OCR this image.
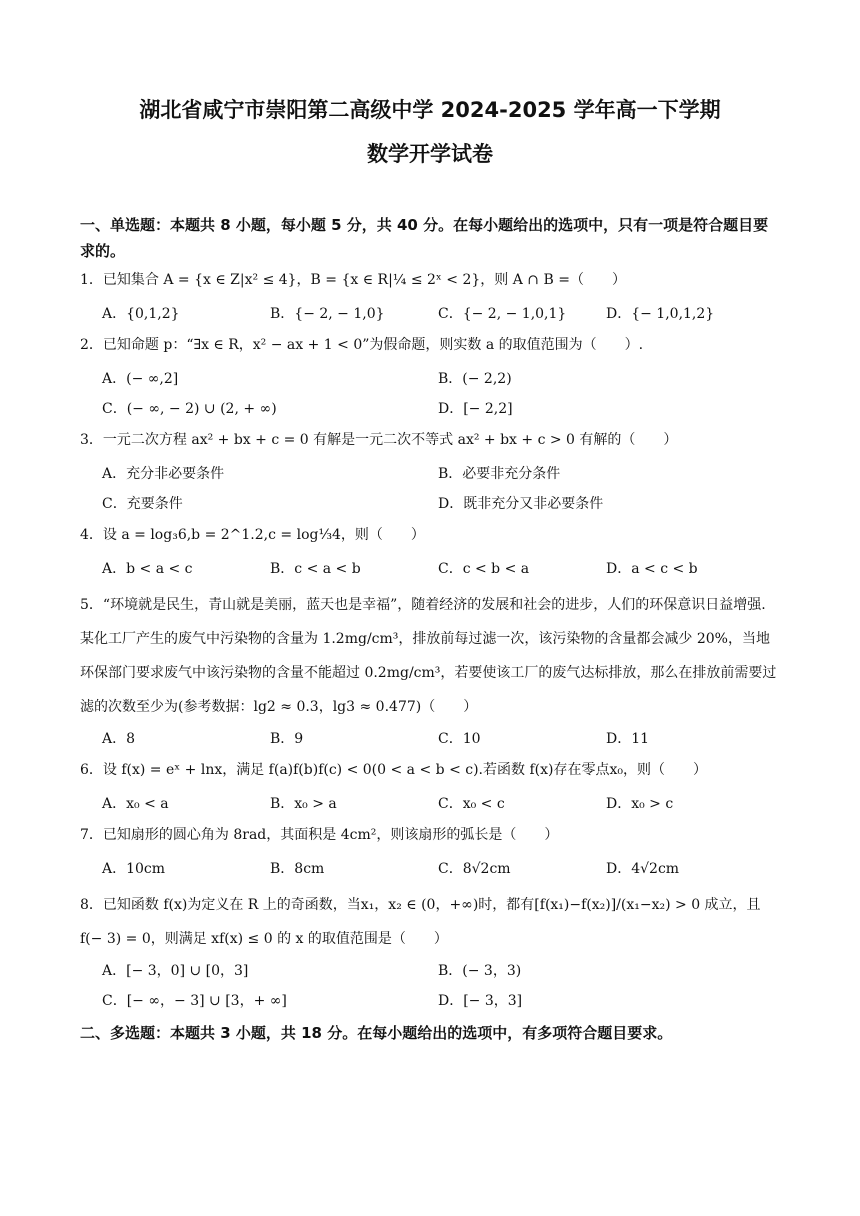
湖北省咸宁市崇阳第二高级中学 2024-2025 学年高一下学期
数学开学试卷

一、单选题：本题共 8 小题，每小题 5 分，共 40 分。在每小题给出的选项中，只有一项是符合题目要求的。

1．已知集合 A = {x ∈ Z|x² ≤ 4}，B = {x ∈ R|¼ ≤ 2ˣ < 2}，则 A ∩ B =（　　）

A．{0,1,2}	B．{− 2, − 1,0}	C．{− 2, − 1,0,1}	D．{− 1,0,1,2}

2．已知命题 p：“∃x ∈ R，x² − ax + 1 < 0”为假命题，则实数 a 的取值范围为（　　）.

A．(− ∞,2]	B．(− 2,2)
C．(− ∞, − 2) ∪ (2, + ∞)	D．[− 2,2]

3．一元二次方程 ax² + bx + c = 0 有解是一元二次不等式 ax² + bx + c > 0 有解的（　　）

A．充分非必要条件	B．必要非充分条件
C．充要条件	D．既非充分又非必要条件

4．设 a = log₃6,b = 2^1.2,c = log⅓4，则（　　）

A．b < a < c	B．c < a < b	C．c < b < a	D．a < c < b

5．“环境就是民生，青山就是美丽，蓝天也是幸福”，随着经济的发展和社会的进步，人们的环保意识日益增强. 某化工厂产生的废气中污染物的含量为 1.2mg/cm³，排放前每过滤一次，该污染物的含量都会减少 20%，当地环保部门要求废气中该污染物的含量不能超过 0.2mg/cm³，若要使该工厂的废气达标排放，那么在排放前需要过滤的次数至少为(参考数据：lg2 ≈ 0.3，lg3 ≈ 0.477)（　　）

A．8	B．9	C．10	D．11

6．设 f(x) = eˣ + lnx，满足 f(a)f(b)f(c) < 0(0 < a < b < c).若函数 f(x)存在零点x₀，则（　　）

A．x₀ < a	B．x₀ > a	C．x₀ < c	D．x₀ > c

7．已知扇形的圆心角为 8rad，其面积是 4cm²，则该扇形的弧长是（　　）

A．10cm	B．8cm	C．8√2cm	D．4√2cm

8．已知函数 f(x)为定义在 R 上的奇函数，当x₁，x₂ ∈ (0，+∞)时，都有[f(x₁)−f(x₂)]/(x₁−x₂) > 0 成立，且 f(− 3) = 0，则满足 xf(x) ≤ 0 的 x 的取值范围是（　　）

A．[− 3，0] ∪ [0，3]	B．(− 3，3)
C．[− ∞，− 3] ∪ [3，+ ∞]	D．[− 3，3]

二、多选题：本题共 3 小题，共 18 分。在每小题给出的选项中，有多项符合题目要求。
